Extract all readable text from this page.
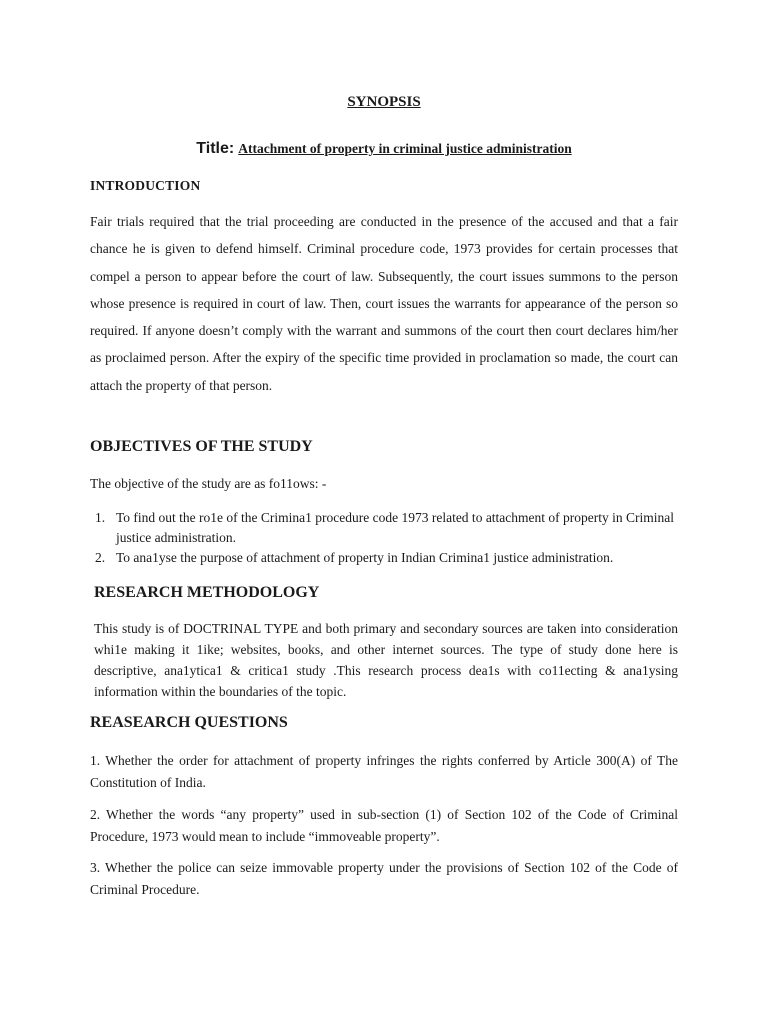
SYNOPSIS

Title: Attachment of property in criminal justice administration

INTRODUCTION

Fair trials required that the trial proceeding are conducted in the presence of the accused and that a fair chance he is given to defend himself. Criminal procedure code, 1973 provides for certain processes that compel a person to appear before the court of law. Subsequently, the court issues summons to the person whose presence is required in court of law. Then, court issues the warrants for appearance of the person so required. If anyone doesn’t comply with the warrant and summons of the court then court declares him/her as proclaimed person. After the expiry of the specific time provided in proclamation so made, the court can attach the property of that person.

OBJECTIVES OF THE STUDY

The objective of the study are as fo11ows: -

1. To find out the ro1e of the Crimina1 procedure code 1973 related to attachment of property in Criminal justice administration.
2. To ana1yse the purpose of attachment of property in Indian Crimina1 justice administration.
RESEARCH METHODOLOGY

This study is of DOCTRINAL TYPE and both primary and secondary sources are taken into consideration whi1e making it 1ike; websites, books, and other internet sources. The type of study done here is descriptive, ana1ytica1 & critica1 study .This research process dea1s with co11ecting & ana1ysing information within the boundaries of the topic.

REASEARCH QUESTIONS

1. Whether the order for attachment of property infringes the rights conferred by Article 300(A) of The Constitution of India.

2. Whether the words “any property” used in sub-section (1) of Section 102 of the Code of Criminal Procedure, 1973 would mean to include “immoveable property”.

3. Whether the police can seize immovable property under the provisions of Section 102 of the Code of Criminal Procedure.
